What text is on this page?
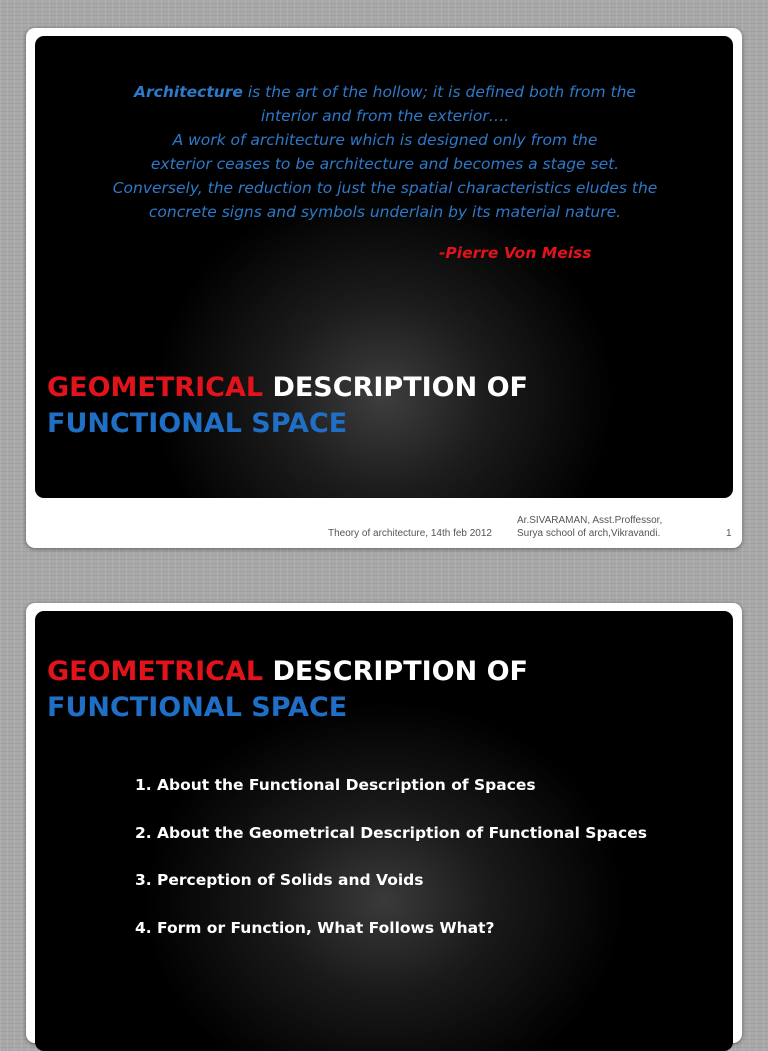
Architecture is the art of the hollow; it is defined both from the
interior and from the exterior….
A work of architecture which is designed only from the
exterior ceases to be architecture and becomes a stage set.
Conversely, the reduction to just the spatial characteristics eludes the
concrete signs and symbols underlain by its material nature.
-Pierre Von Meiss
GEOMETRICAL DESCRIPTION OF
FUNCTIONAL SPACE
Theory of architecture, 14th feb 2012
Ar.SIVARAMAN, Asst.Proffessor,
Surya school of arch,Vikravandi.	1
GEOMETRICAL DESCRIPTION OF
FUNCTIONAL SPACE
1. About the Functional Description of Spaces
2. About the Geometrical Description of Functional Spaces
3. Perception of Solids and Voids
4. Form or Function, What Follows What?
